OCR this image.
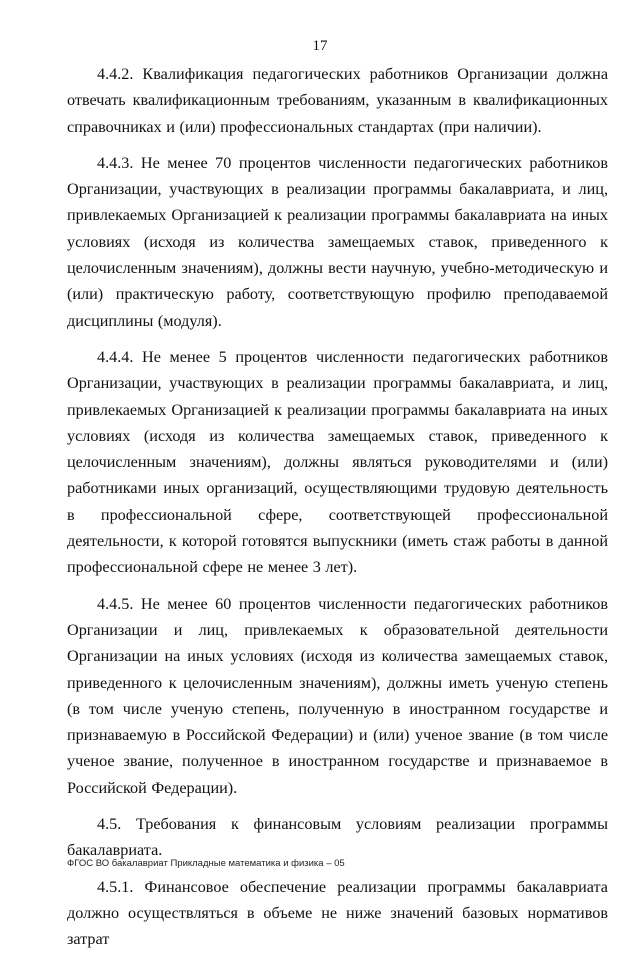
17

4.4.2. Квалификация педагогических работников Организации должна отвечать квалификационным требованиям, указанным в квалификационных справочниках и (или) профессиональных стандартах (при наличии).

4.4.3. Не менее 70 процентов численности педагогических работников Организации, участвующих в реализации программы бакалавриата, и лиц, привлекаемых Организацией к реализации программы бакалавриата на иных условиях (исходя из количества замещаемых ставок, приведенного к целочисленным значениям), должны вести научную, учебно-методическую и (или) практическую работу, соответствующую профилю преподаваемой дисциплины (модуля).

4.4.4. Не менее 5 процентов численности педагогических работников Организации, участвующих в реализации программы бакалавриата, и лиц, привлекаемых Организацией к реализации программы бакалавриата на иных условиях (исходя из количества замещаемых ставок, приведенного к целочисленным значениям), должны являться руководителями и (или) работниками иных организаций, осуществляющими трудовую деятельность в профессиональной сфере, соответствующей профессиональной деятельности, к которой готовятся выпускники (иметь стаж работы в данной профессиональной сфере не менее 3 лет).

4.4.5. Не менее 60 процентов численности педагогических работников Организации и лиц, привлекаемых к образовательной деятельности Организации на иных условиях (исходя из количества замещаемых ставок, приведенного к целочисленным значениям), должны иметь ученую степень (в том числе ученую степень, полученную в иностранном государстве и признаваемую в Российской Федерации) и (или) ученое звание (в том числе ученое звание, полученное в иностранном государстве и признаваемое в Российской Федерации).

4.5. Требования к финансовым условиям реализации программы бакалавриата.

4.5.1. Финансовое обеспечение реализации программы бакалавриата должно осуществляться в объеме не ниже значений базовых нормативов затрат

ФГОС ВО бакалавриат Прикладные математика и физика – 05
